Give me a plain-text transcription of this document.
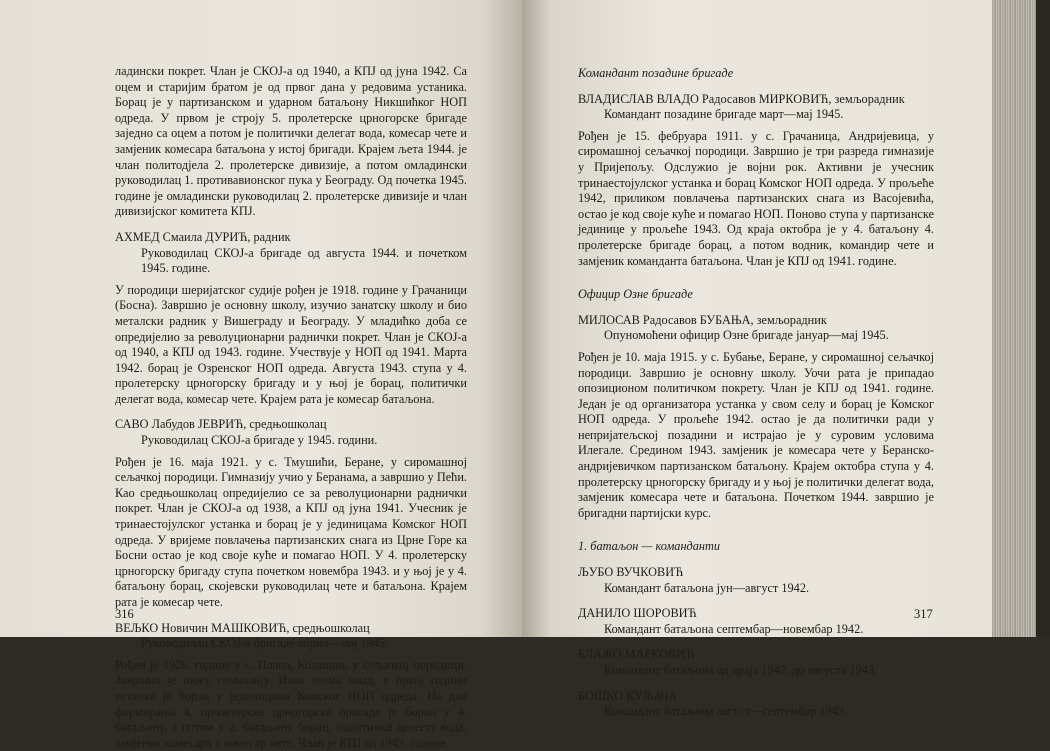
ладински покрет. Члан је СКОЈ-а од 1940, а КПЈ од јуна 1942. Са оцем и старијим братом је од првог дана у редовима устаника. Борац је у партизанском и ударном батаљону Никшићког НОП одреда. У првом је строју 5. пролетерске црногорске бригаде заједно са оцем а потом је политички делегат вода, комесар чете и замјеник комесара батаљона у истој бригади. Крајем љета 1944. је члан политодјела 2. пролетерске дивизије, а потом омладински руководилац 1. противавионског пука у Београду. Од почетка 1945. године је омладински руководилац 2. пролетерске дивизије и члан дивизијског комитета КПЈ.

АХМЕД Смаила ДУРИЋ, радник

Руководилац СКОЈ-а бригаде од августа 1944. и почетком 1945. године.

У породици шеријатског судије рођен је 1918. године у Грачаници (Босна). Завршио је основну школу, изучио занатску школу и био металски радник у Вишеграду и Београду. У младићко доба се опредијелио за револуционарни раднички покрет. Члан је СКОЈ-а од 1940, а КПЈ од 1943. године. Учествује у НОП од 1941. Марта 1942. борац је Озренског НОП одреда. Августа 1943. ступа у 4. пролетерску црногорску бригаду и у њој је борац, политички делегат вода, комесар чете. Крајем рата је комесар батаљона.

САВО Лабудов ЈЕВРИЋ, средњошколац

Руководилац СКОЈ-а бригаде у 1945. години.

Рођен је 16. маја 1921. у с. Тмушићи, Беране, у сиромашној сељачкој породици. Гимназију учио у Беранама, а завршио у Пећи. Као средњошколац опредијелио се за револуционарни раднички покрет. Члан је СКОЈ-а од 1938, а КПЈ од јуна 1941. Учесник је тринаестојулског устанка и борац је у јединицама Комског НОП одреда. У вријеме повлачења партизанских снага из Црне Горе ка Босни остао је код своје куће и помагао НОП. У 4. пролетерску црногорску бригаду ступа почетком новембра 1943. и у њој је у 4. батаљону борац, скојевски руководилац чете и батаљона. Крајем рата је комесар чете.

ВЕЉКО Новичин МАШКОВИЋ, средњошколац

Руководилац СКОЈ-а бригаде април—мај 1945.

Рођен је 1926. године у с. Плана, Колашин, у сељачкој породици. Завршио је нижу гимназију. Иако веома млад, у првој години устанка је борац у јединицама Комског НОП одреда. На дан формирања 4. пролетерске црногорске бригаде је борац у 4. батаљону, а потом у 2. батаљону борац, политички делегат вода, замјеник комесара и комесар чете. Члан је КПЈ од 1943. године.

316

Командант позадине бригаде

ВЛАДИСЛАВ ВЛАДО Радосавов МИРКОВИЋ, земљорадник

Командант позадине бригаде март—мај 1945.

Рођен је 15. фебруара 1911. у с. Грачаница, Андријевица, у сиромашној сељачкој породици. Завршио је три разреда гимназије у Пријепољу. Одслужио је војни рок. Активни је учесник тринаестојулског устанка и борац Комског НОП одреда. У прољеће 1942, приликом повлачења партизанских снага из Васојевића, остао је код своје куће и помагао НОП. Поново ступа у партизанске јединице у прољеће 1943. Од краја октобра је у 4. батаљону 4. пролетерске бригаде борац, а потом водник, командир чете и замјеник команданта батаљона. Члан је КПЈ од 1941. године.

Официр Озне бригаде

МИЛОСАВ Радосавов БУБАЊА, земљорадник

Опуномоћени официр Озне бригаде јануар—мај 1945.

Рођен је 10. маја 1915. у с. Бубање, Беране, у сиромашној сељачкој породици. Завршио је основну школу. Уочи рата је припадао опозиционом политичком покрету. Члан је КПЈ од 1941. године. Један је од организатора устанка у свом селу и борац је Комског НОП одреда. У прољеће 1942. остао је да политички ради у непријатељској позадини и истрајао је у суровим условима Илегале. Средином 1943. замјеник је комесара чете у Беранско-андријевичком партизанском батаљону. Крајем октобра ступа у 4. пролетерску црногорску бригаду и у њој је политички делегат вода, замјеник комесара чете и батаљона. Почетком 1944. завршио је бригадни партијски курс.

1. батаљон — команданти

ЉУБО ВУЧКОВИЋ

Командант батаљона јун—август 1942.

ДАНИЛО ШОРОВИЋ

Командант батаљона септембар—новембар 1942.

БЛАЖО МАРКОВИЋ

Командант батаљона од краја 1942. до августа 1943.

БОШКО КУЉАЧА

Командант батаљона август—септембар 1943.

317
